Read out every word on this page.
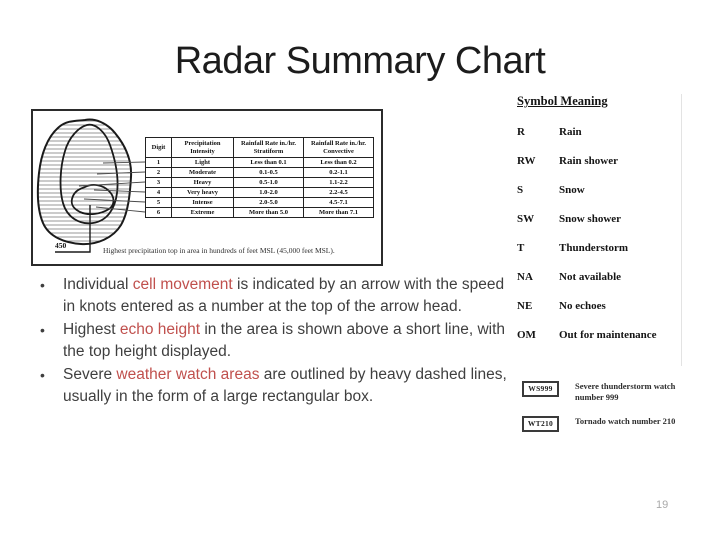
Radar Summary Chart
450
Digit	Precipitation Intensity	Rainfall Rate in./hr. Stratiform	Rainfall Rate in./hr. Convective
1	Light	Less than 0.1	Less than 0.2
2	Moderate	0.1-0.5	0.2-1.1
3	Heavy	0.5-1.0	1.1-2.2
4	Very heavy	1.0-2.0	2.2-4.5
5	Intense	2.0-5.0	4.5-7.1
6	Extreme	More than 5.0	More than 7.1
Highest precipitation top in area in hundreds of feet MSL (45,000 feet MSL).
Symbol Meaning
R	Rain
RW	Rain shower
S	Snow
SW	Snow shower
T	Thunderstorm
NA	Not available
NE	No echoes
OM	Out for maintenance
• Individual cell movement is indicated by an arrow with the speed in knots entered as a number at the top of the arrow head.
• Highest echo height in the area is shown above a short line, with the top height displayed.
• Severe weather watch areas are outlined by heavy dashed lines, usually in the form of a large rectangular box.	WS999	Severe thunderstorm watch number 999
WT210	Tornado watch number 210
19
